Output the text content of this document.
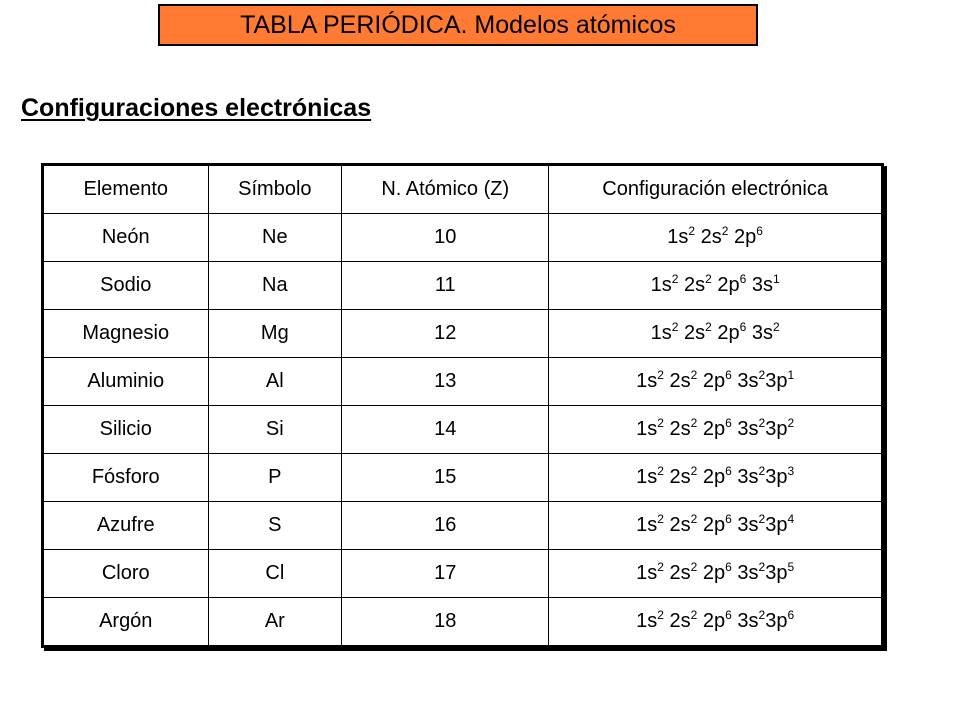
TABLA PERIÓDICA. Modelos atómicos
Configuraciones electrónicas
Elemento	Símbolo	N. Atómico (Z)	Configuración electrónica
Neón	Ne	10	$1s^2$ $2s^2$ $2p^6$
Sodio	Na	11	$1s^2$ $2s^2$ $2p^6$ $3s^1$
Magnesio	Mg	12	$1s^2$ $2s^2$ $2p^6$ $3s^2$
Aluminio	Al	13	$1s^2$ $2s^2$ $2p^6$ $3s^23p^1$
Silicio	Si	14	$1s^2$ $2s^2$ $2p^6$ $3s^23p^2$
Fósforo	P	15	$1s^2$ $2s^2$ $2p^6$ $3s^23p^3$
Azufre	S	16	$1s^2$ $2s^2$ $2p^6$ $3s^23p^4$
Cloro	Cl	17	$1s^2$ $2s^2$ $2p^6$ $3s^23p^5$
Argón	Ar	18	$1s^2$ $2s^2$ $2p^6$ $3s^23p^6$
